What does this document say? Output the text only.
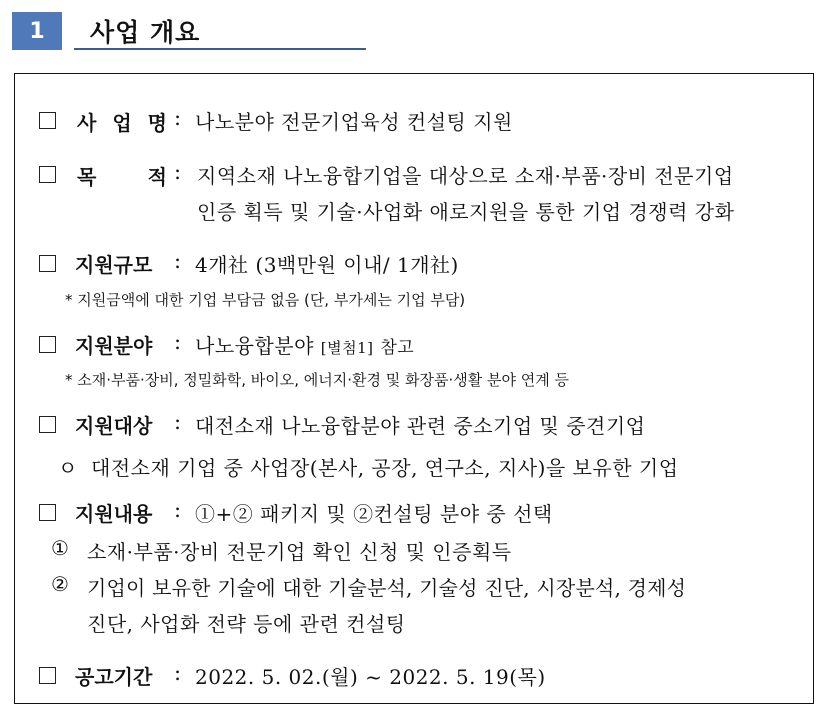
1	사업 개요
사 업 명 : 나노분야 전문기업육성 컨설팅 지원
목	적 : 지역소재 나노융합기업을 대상으로 소재·부품·장비 전문기업
인증 획득 및 기술·사업화 애로지원을 통한 기업 경쟁력 강화
지원규모 : 4개社 (3백만원 이내/ 1개社)
* 지원금액에 대한 기업 부담금 없음 (단, 부가세는 기업 부담)
지원분야 : 나노융합분야 [별첨1] 참고
* 소재·부품·장비, 정밀화학, 바이오, 에너지·환경 및 화장품·생활 분야 연계 등
지원대상 : 대전소재 나노융합분야 관련 중소기업 및 중견기업
ㅇ 대전소재 기업 중 사업장(본사, 공장, 연구소, 지사)을 보유한 기업
지원내용 : ①+② 패키지 및 ②컨설팅 분야 중 선택
① 소재·부품·장비 전문기업 확인 신청 및 인증획득
② 기업이 보유한 기술에 대한 기술분석, 기술성 진단, 시장분석, 경제성
진단, 사업화 전략 등에 관련 컨설팅
공고기간 : 2022. 5. 02.(월) ~ 2022. 5. 19(목)
